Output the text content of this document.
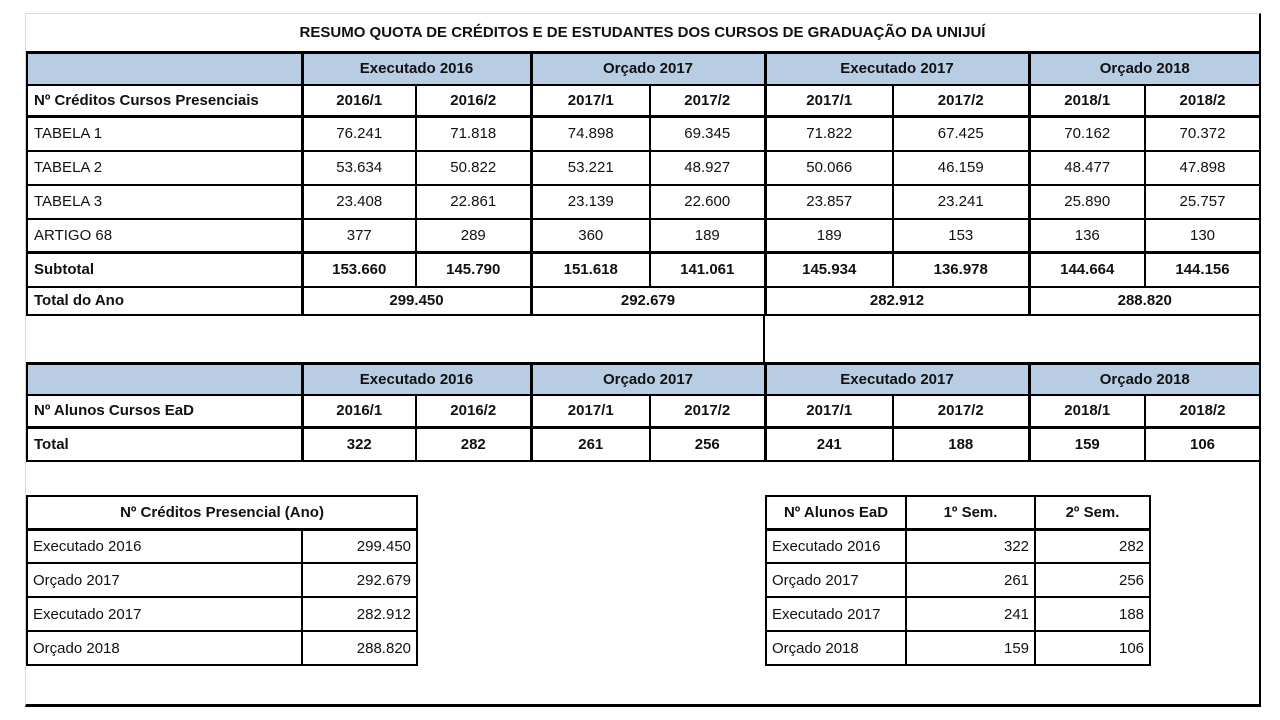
RESUMO QUOTA DE CRÉDITOS E DE ESTUDANTES DOS CURSOS DE GRADUAÇÃO DA UNIJUÍ
	Executado 2016		Orçado 2017		Executado 2017		Orçado 2018	
Nº Créditos Cursos Presenciais	2016/1	2016/2	2017/1	2017/2	2017/1	2017/2	2018/1	2018/2
TABELA 1	76.241	71.818	74.898	69.345	71.822	67.425	70.162	70.372
TABELA 2	53.634	50.822	53.221	48.927	50.066	46.159	48.477	47.898
TABELA 3	23.408	22.861	23.139	22.600	23.857	23.241	25.890	25.757
ARTIGO 68	377	289	360	189	189	153	136	130
Subtotal	153.660	145.790	151.618	141.061	145.934	136.978	144.664	144.156
Total do Ano	299.450		292.679		282.912		288.820	
	Executado 2016		Orçado 2017		Executado 2017		Orçado 2018	
Nº Alunos Cursos EaD	2016/1	2016/2	2017/1	2017/2	2017/1	2017/2	2018/1	2018/2
Total	322	282	261	256	241	188	159	106
Nº Créditos Presencial (Ano)	
Executado 2016	299.450
Orçado 2017	292.679
Executado 2017	282.912
Orçado 2018	288.820
Nº Alunos EaD	1º Sem.	2º Sem.
Executado 2016	322	282
Orçado 2017	261	256
Executado 2017	241	188
Orçado 2018	159	106
